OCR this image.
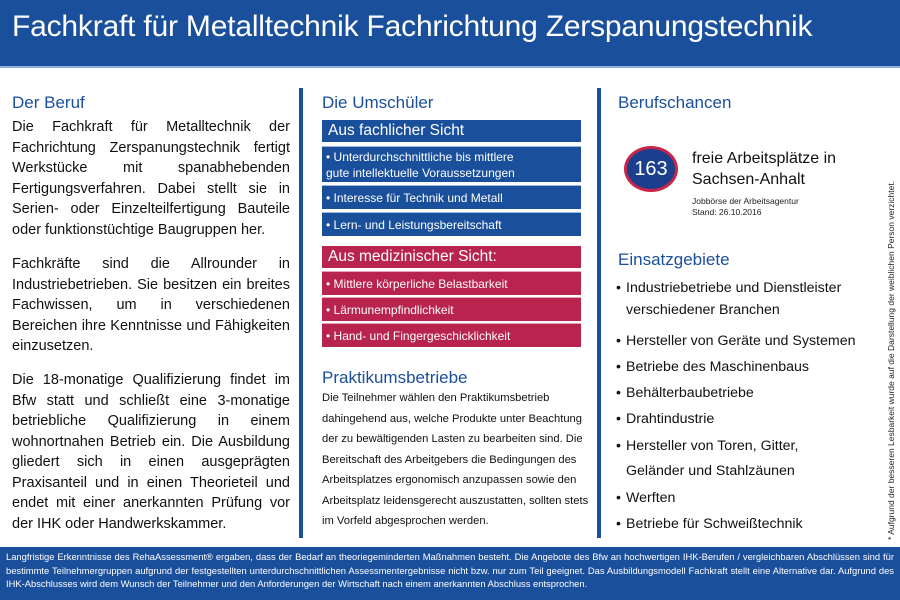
Fachkraft für Metalltechnik Fachrichtung Zerspanungstechnik
Der Beruf

Die Fachkraft für Metalltechnik der Fachrichtung Zerspanungstechnik fertigt Werkstücke mit spanabhebenden Fertigungsverfahren. Dabei stellt sie in Serien- oder Einzelteilfertigung Bauteile oder funktionstüchtige Baugruppen her.

Fachkräfte sind die Allrounder in Industriebetrieben. Sie besitzen ein breites Fachwissen, um in verschiedenen Bereichen ihre Kenntnisse und Fähigkeiten einzusetzen.

Die 18-monatige Qualifizierung findet im Bfw statt und schließt eine 3-monatige betriebliche Qualifizierung in einem wohnortnahen Betrieb ein. Die Ausbildung gliedert sich in einen ausgeprägten Praxisanteil und in einen Theorieteil und endet mit einer anerkannten Prüfung vor der IHK oder Handwerkskammer.

Die Umschüler
Aus fachlicher Sicht
• Unterdurchschnittliche bis mittlere
gute intellektuelle Voraussetzungen
• Interesse für Technik und Metall
• Lern- und Leistungsbereitschaft
Aus medizinischer Sicht:
• Mittlere körperliche Belastbarkeit
• Lärmunempfindlichkeit
• Hand- und Fingergeschicklichkeit
Praktikumsbetriebe

Die Teilnehmer wählen den Praktikumsbetrieb dahingehend aus, welche Produkte unter Beachtung der zu bewältigenden Lasten zu bearbeiten sind. Die Bereitschaft des Arbeitgebers die Bedingungen des Arbeitsplatzes ergonomisch anzupassen sowie den Arbeitsplatz leidensgerecht auszustatten, sollten stets im Vorfeld abgesprochen werden.

Berufschancen
163	freie Arbeitsplätze in Sachsen-Anhalt
Jobbörse der Arbeitsagentur
Stand: 26.10.2016
Einsatzgebiete
• Industriebetriebe und Dienstleister verschiedener Branchen
• Hersteller von Geräte und Systemen
• Betriebe des Maschinenbaus
• Behälterbaubetriebe
• Drahtindustrie
• Hersteller von Toren, Gitter, Geländer und Stahlzäunen
• Werften
• Betriebe für Schweißtechnik	* Aufgrund der besseren Lesbarkeit wurde auf die Darstellung der weiblichen Person verzichtet.

Langfristige Erkenntnisse des RehaAssessment® ergaben, dass der Bedarf an theoriegeminderten Maßnahmen besteht. Die Angebote des Bfw an hochwertigen IHK-Berufen / vergleichbaren Abschlüssen sind für bestimmte Teilnehmergruppen aufgrund der festgestellten unterdurchschnittlichen Assessmentergebnisse nicht bzw. nur zum Teil geeignet. Das Ausbildungsmodell Fachkraft stellt eine Alternative dar. Aufgrund des IHK-Abschlusses wird dem Wunsch der Teilnehmer und den Anforderungen der Wirtschaft nach einem anerkannten Abschluss entsprochen.
